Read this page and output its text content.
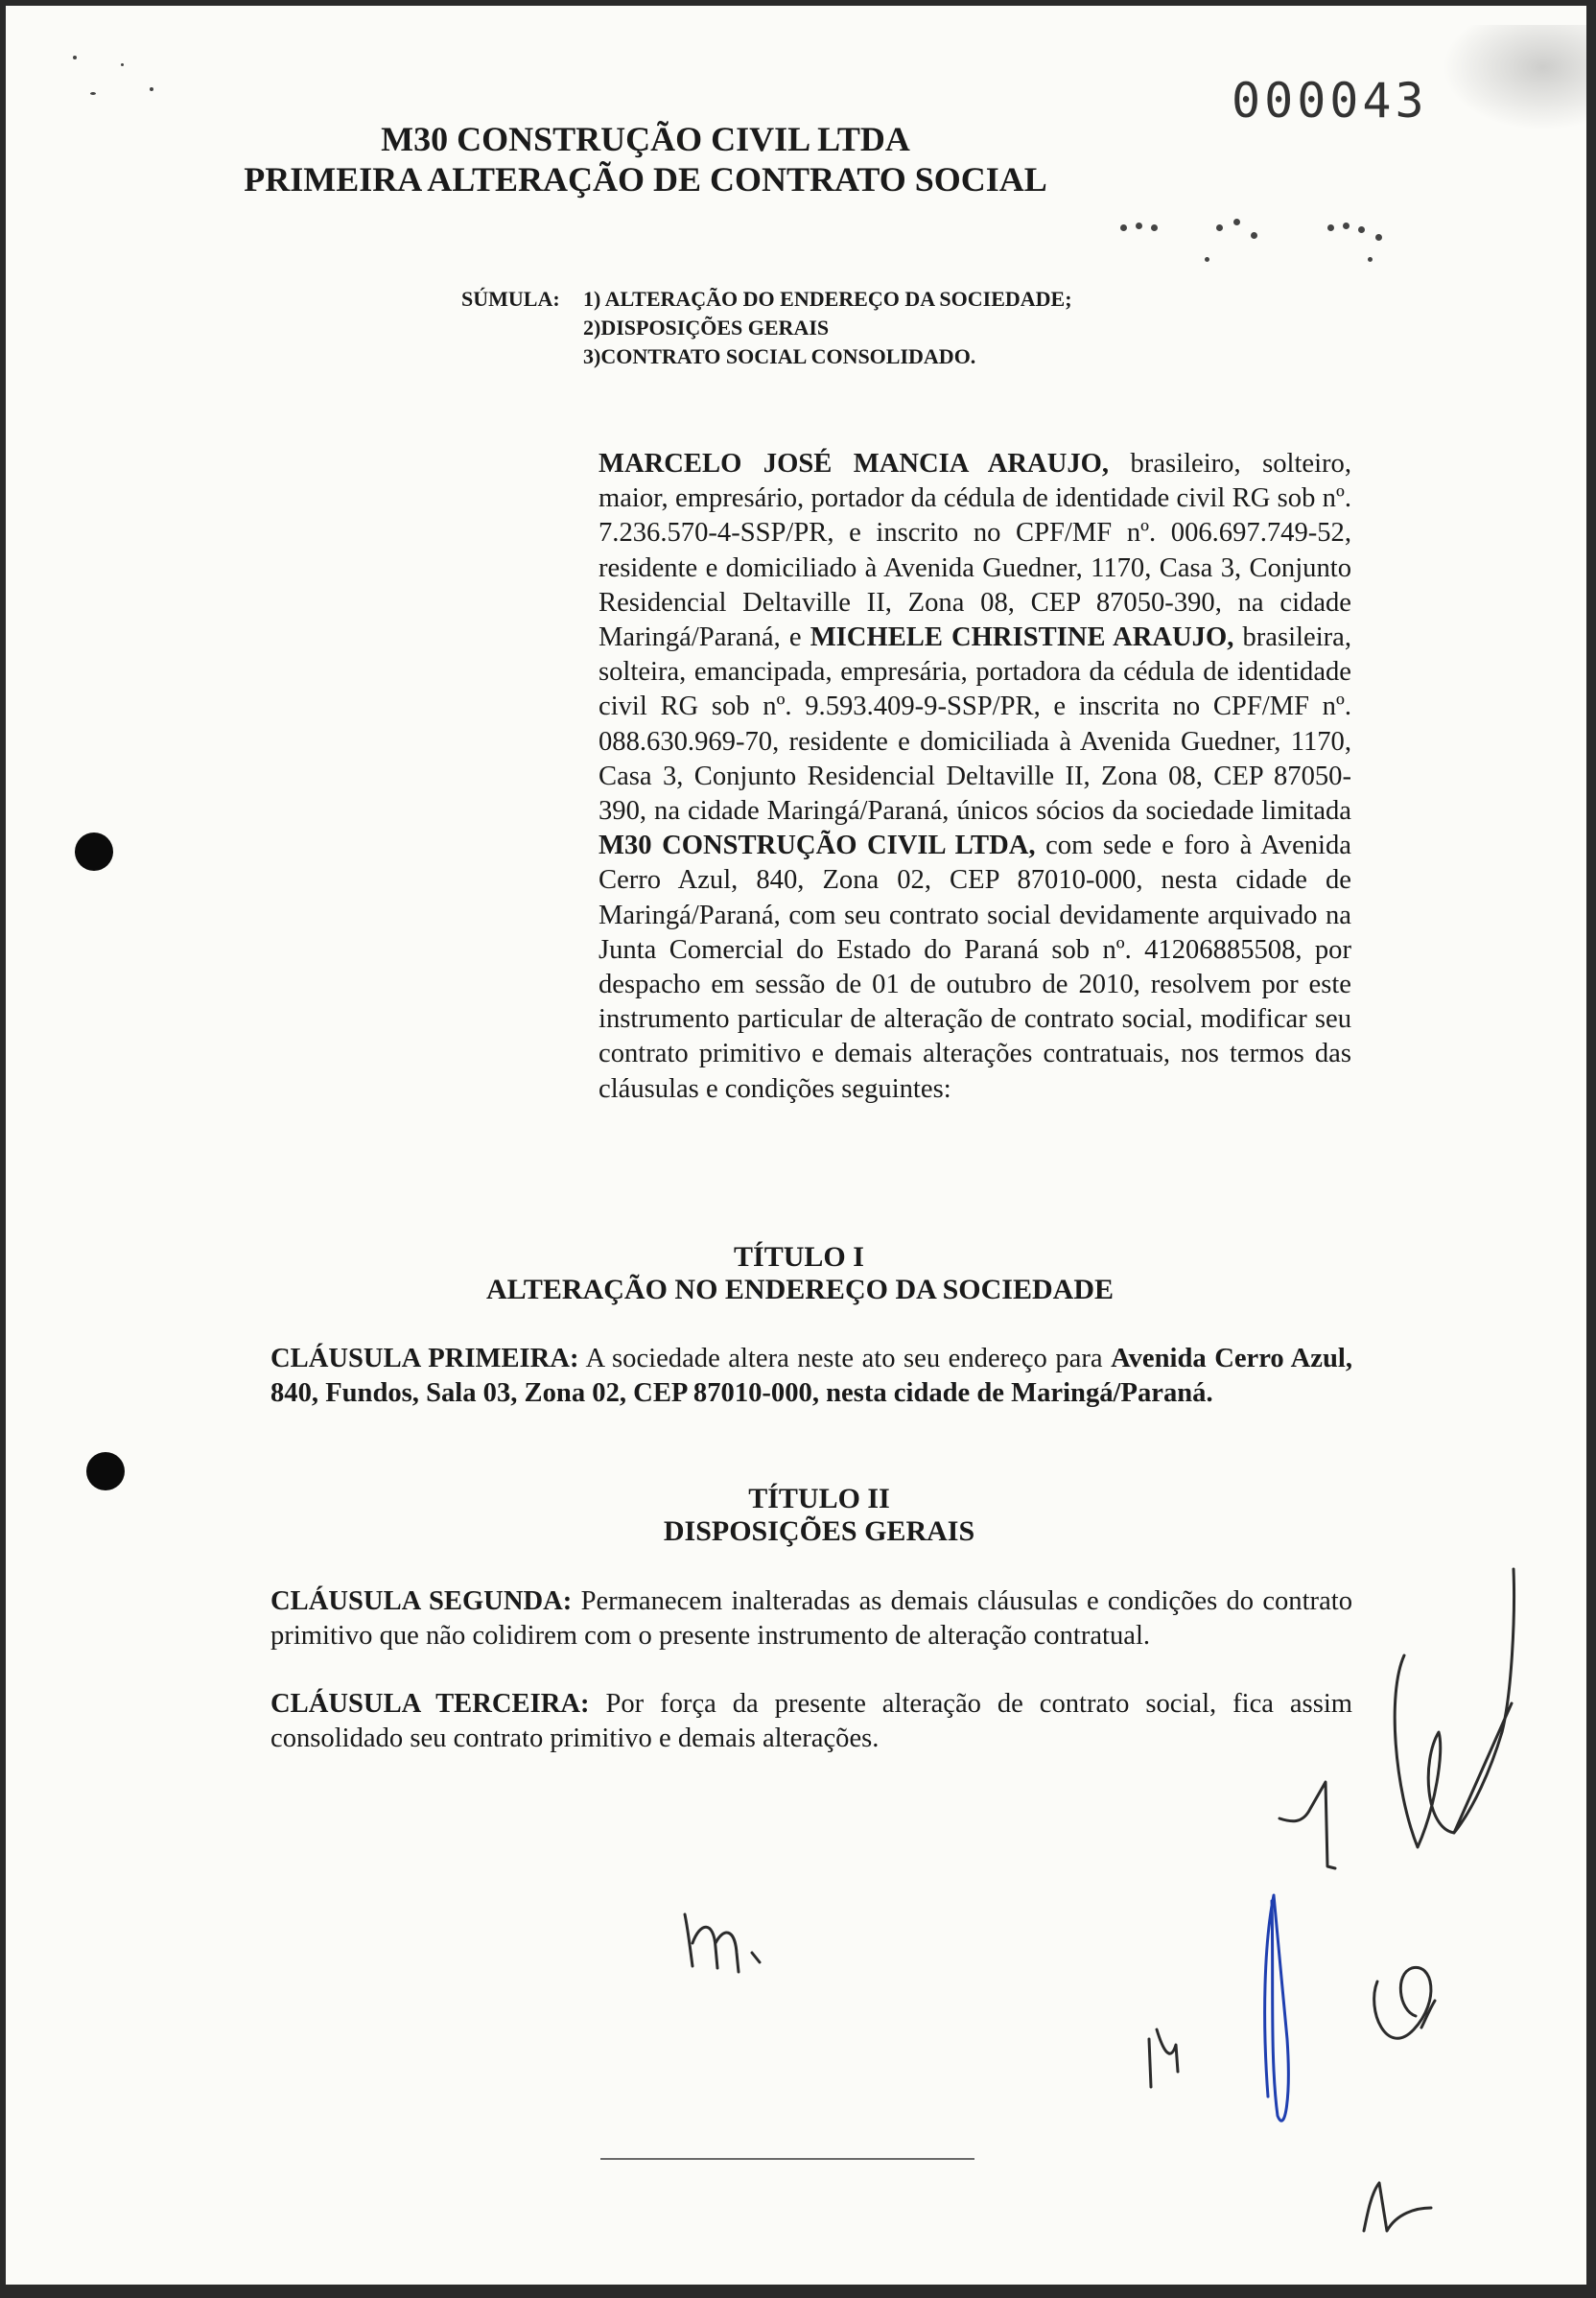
000043
M30 CONSTRUÇÃO CIVIL LTDA
PRIMEIRA ALTERAÇÃO DE CONTRATO SOCIAL
SÚMULA: 1) ALTERAÇÃO DO ENDEREÇO DA SOCIEDADE;
2)DISPOSIÇÕES GERAIS
3)CONTRATO SOCIAL CONSOLIDADO.

MARCELO JOSÉ MANCIA ARAUJO, brasileiro, solteiro, maior, empresário, portador da cédula de identidade civil RG sob nº. 7.236.570-4-SSP/PR, e inscrito no CPF/MF nº. 006.697.749-52, residente e domiciliado à Avenida Guedner, 1170, Casa 3, Conjunto Residencial Deltaville II, Zona 08, CEP 87050-390, na cidade Maringá/Paraná, e MICHELE CHRISTINE ARAUJO, brasileira, solteira, emancipada, empresária, portadora da cédula de identidade civil RG sob nº. 9.593.409-9-SSP/PR, e inscrita no CPF/MF nº. 088.630.969-70, residente e domiciliada à Avenida Guedner, 1170, Casa 3, Conjunto Residencial Deltaville II, Zona 08, CEP 87050-390, na cidade Maringá/Paraná, únicos sócios da sociedade limitada M30 CONSTRUÇÃO CIVIL LTDA, com sede e foro à Avenida Cerro Azul, 840, Zona 02, CEP 87010-000, nesta cidade de Maringá/Paraná, com seu contrato social devidamente arquivado na Junta Comercial do Estado do Paraná sob nº. 41206885508, por despacho em sessão de 01 de outubro de 2010, resolvem por este instrumento particular de alteração de contrato social, modificar seu contrato primitivo e demais alterações contratuais, nos termos das cláusulas e condições seguintes:

TÍTULO I
ALTERAÇÃO NO ENDEREÇO DA SOCIEDADE

CLÁUSULA PRIMEIRA: A sociedade altera neste ato seu endereço para Avenida Cerro Azul, 840, Fundos, Sala 03, Zona 02, CEP 87010-000, nesta cidade de Maringá/Paraná.

TÍTULO II
DISPOSIÇÕES GERAIS

CLÁUSULA SEGUNDA: Permanecem inalteradas as demais cláusulas e condições do contrato primitivo que não colidirem com o presente instrumento de alteração contratual.

CLÁUSULA TERCEIRA: Por força da presente alteração de contrato social, fica assim consolidado seu contrato primitivo e demais alterações.
